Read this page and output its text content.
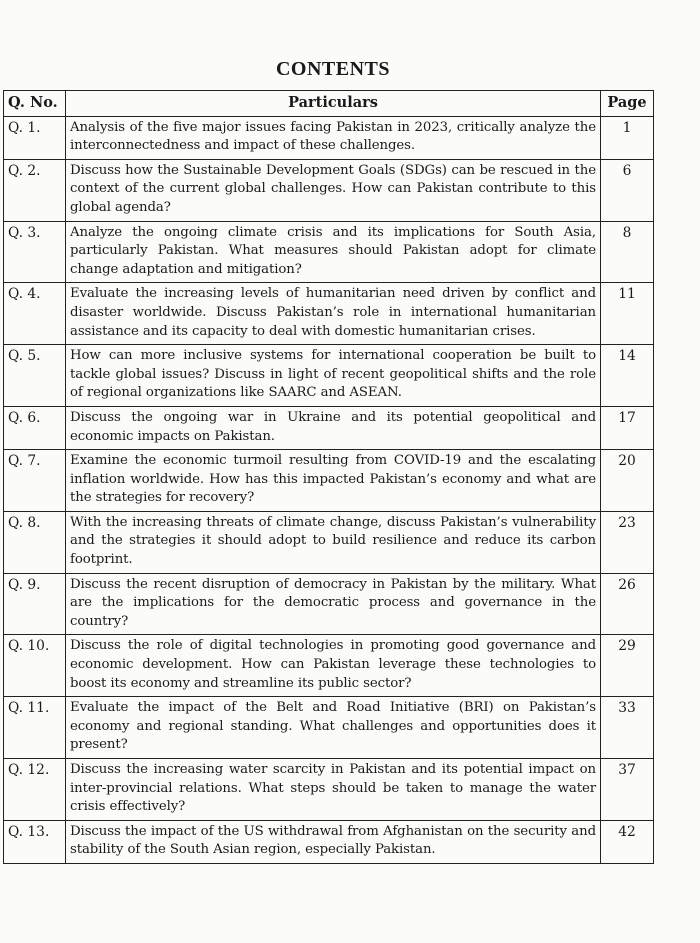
CONTENTS
Q. No.	Particulars	Page
Q. 1.	Analysis of the five major issues facing Pakistan in 2023, critically analyze the interconnectedness and impact of these challenges.	1
Q. 2.	Discuss how the Sustainable Development Goals (SDGs) can be rescued in the context of the current global challenges. How can Pakistan contribute to this global agenda?	6
Q. 3.	Analyze the ongoing climate crisis and its implications for South Asia, particularly Pakistan. What measures should Pakistan adopt for climate change adaptation and mitigation?	8
Q. 4.	Evaluate the increasing levels of humanitarian need driven by conflict and disaster worldwide. Discuss Pakistan’s role in international humanitarian assistance and its capacity to deal with domestic humanitarian crises.	11
Q. 5.	How can more inclusive systems for international cooperation be built to tackle global issues? Discuss in light of recent geopolitical shifts and the role of regional organizations like SAARC and ASEAN.	14
Q. 6.	Discuss the ongoing war in Ukraine and its potential geopolitical and economic impacts on Pakistan.	17
Q. 7.	Examine the economic turmoil resulting from COVID-19 and the escalating inflation worldwide. How has this impacted Pakistan’s economy and what are the strategies for recovery?	20
Q. 8.	With the increasing threats of climate change, discuss Pakistan’s vulnerability and the strategies it should adopt to build resilience and reduce its carbon footprint.	23
Q. 9.	Discuss the recent disruption of democracy in Pakistan by the military. What are the implications for the democratic process and governance in the country?	26
Q. 10.	Discuss the role of digital technologies in promoting good governance and economic development. How can Pakistan leverage these technologies to boost its economy and streamline its public sector?	29
Q. 11.	Evaluate the impact of the Belt and Road Initiative (BRI) on Pakistan’s economy and regional standing. What challenges and opportunities does it present?	33
Q. 12.	Discuss the increasing water scarcity in Pakistan and its potential impact on inter-provincial relations. What steps should be taken to manage the water crisis effectively?	37
Q. 13.	Discuss the impact of the US withdrawal from Afghanistan on the security and stability of the South Asian region, especially Pakistan.	42
